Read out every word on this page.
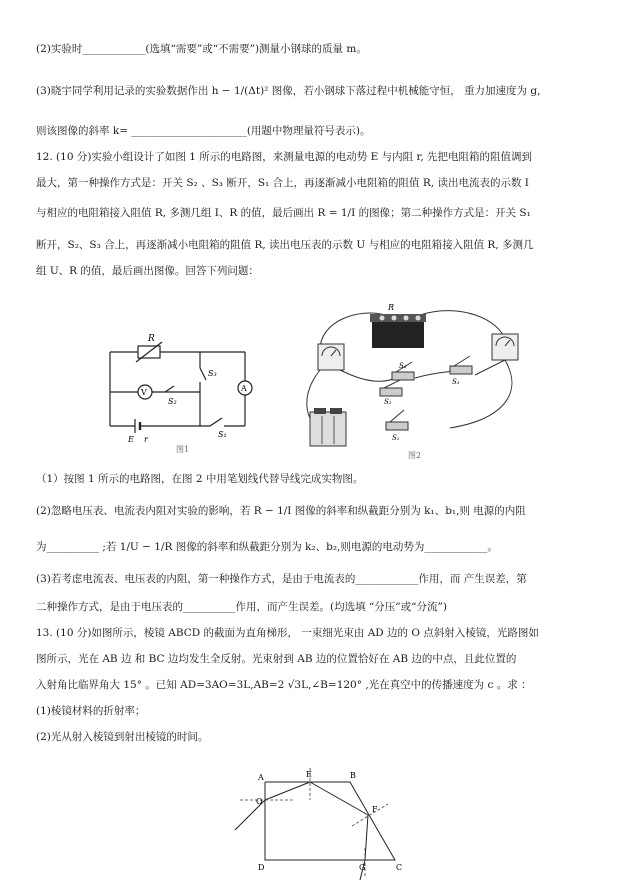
(2)实验时____________(选填“需要”或“不需要”)测量小钢球的质量 m。
(3)晓宇同学利用记录的实验数据作出 h − 1/(Δt)² 图像，若小钢球下落过程中机械能守恒， 重力加速度为 g,
则该图像的斜率 k= ______________________(用题中物理量符号表示)。
12. (10 分)实验小组设计了如图 1 所示的电路图，来测量电源的电动势 E 与内阻 r, 先把电阻箱的阻值调到
最大，第一种操作方式是：开关 S₂ 、S₃ 断开，S₁ 合上，再逐渐减小电阻箱的阻值 R, 读出电流表的示数 I
与相应的电阻箱接入阻值 R, 多测几组 I、R 的值，最后画出 R = 1/I 的图像；第二种操作方式是：开关 S₁
断开，S₂、S₃ 合上，再逐渐减小电阻箱的阻值 R, 读出电压表的示数 U 与相应的电阻箱接入阻值 R, 多测几
组 U、R 的值，最后画出图像。回答下列问题：
R
V	A
S₃
S₂
S₁
E r
图1
R
S₃
S₂
S₃
S₁
图2
（1）按图 1 所示的电路图，在图 2 中用笔划线代替导线完成实物图。
(2)忽略电压表、电流表内阻对实验的影响，若 R − 1/I 图像的斜率和纵截距分别为 k₁、b₁,则 电源的内阻
为__________ ;若 1/U − 1/R 图像的斜率和纵截距分别为 k₂、b₂,则电源的电动势为____________。
(3)若考虑电流表、电压表的内阻，第一种操作方式，是由于电流表的____________作用，而 产生误差，第
二种操作方式，是由于电压表的__________作用，而产生误差。(均选填 “分压”或“分流”)
13. (10 分)如图所示，棱镜 ABCD 的截面为直角梯形， 一束细光束由 AD 边的 O 点斜射入棱镜，光路图如
图所示，光在 AB 边 和 BC 边均发生全反射。光束射到 AB 边的位置恰好在 AB 边的中点，且此位置的
入射角比临界角大 15° 。已知 AD=3AO=3L,AB=2 √3L,∠B=120° ,光在真空中的传播速度为 c 。求 ：
(1)棱镜材料的折射率；
(2)光从射入棱镜到射出棱镜的时间。
A	B
C
D
E
F
G
O
